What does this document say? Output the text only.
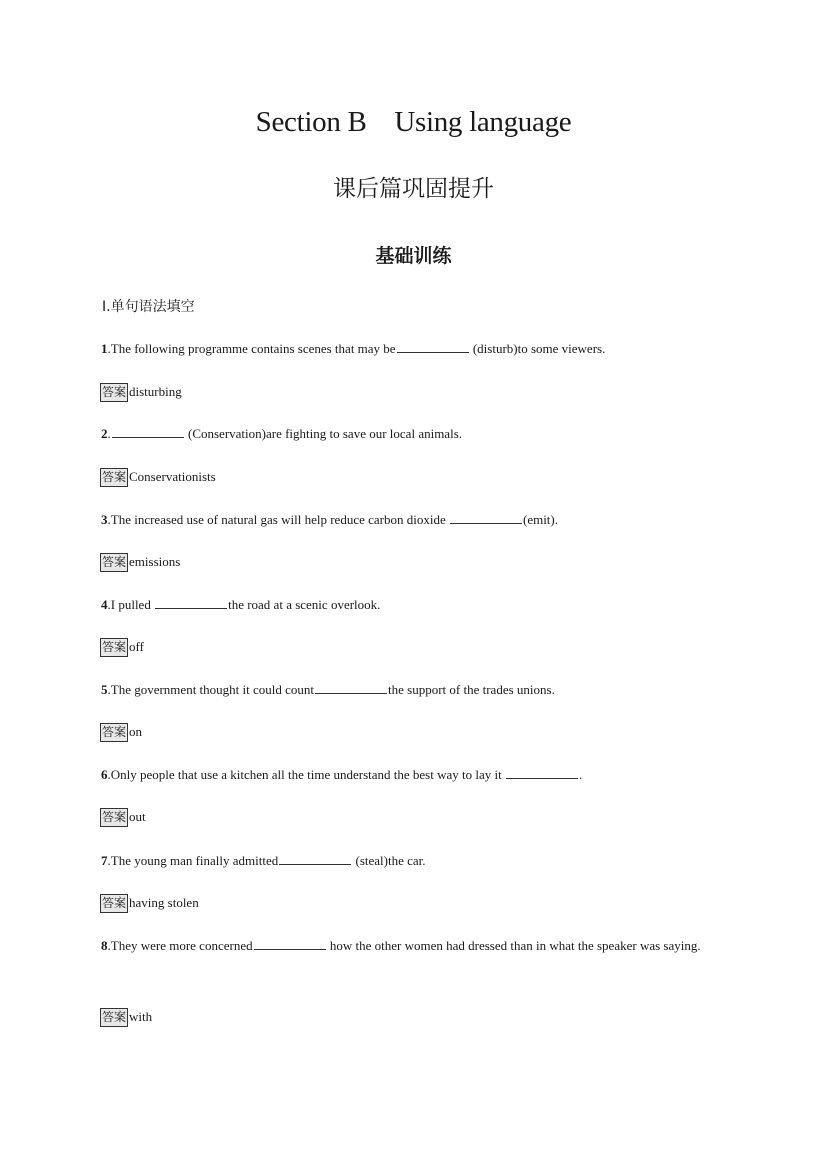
Section B    Using language
课后篇巩固提升
基础训练
Ⅰ.单句语法填空
1.The following programme contains scenes that may be	(disturb)to some viewers.
答案 disturbing
2.	(Conservation)are fighting to save our local animals.
答案 Conservationists
3.The increased use of natural gas will help reduce carbon dioxide	(emit).
答案 emissions
4.I pulled	the road at a scenic overlook.
答案 off
5.The government thought it could count	the support of the trades unions.
答案 on
6.Only people that use a kitchen all the time understand the best way to lay it	.
答案 out
7.The young man finally admitted	(steal)the car.
答案 having stolen
8.They were more concerned	how the other women had dressed than in what the speaker was saying.
答案 with
